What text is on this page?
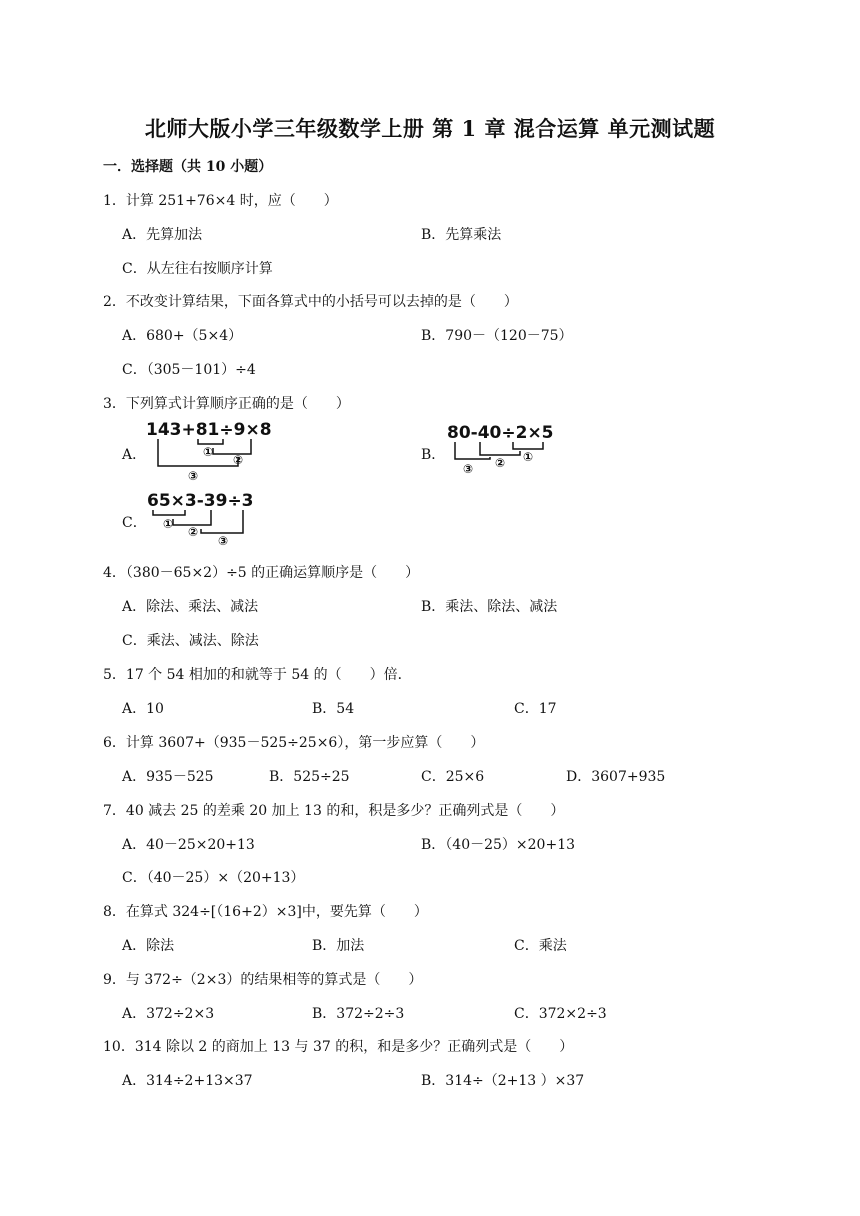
北师大版小学三年级数学上册 第 1 章 混合运算 单元测试题
一．选择题（共 10 小题）
1．计算 251+76×4 时，应（　　）
A．先算加法	B．先算乘法
C．从左往右按顺序计算
2．不改变计算结果，下面各算式中的小括号可以去掉的是（　　）
A．680+（5×4）	B．790－（120－75）
C．（305－101）÷4
3．下列算式计算顺序正确的是（　　）
A．	B．
C．
143+81÷9×8
①
②
③
80-40÷2×5
①
②
③
65×3-39÷3
①
②
③
4．（380－65×2）÷5 的正确运算顺序是（　　）
A．除法、乘法、减法	B．乘法、除法、减法
C．乘法、减法、除法
5．17 个 54 相加的和就等于 54 的（　　）倍．
A．10	B．54	C．17
6．计算 3607+（935－525÷25×6），第一步应算（　　）
A．935－525	B．525÷25	C．25×6	D．3607+935
7．40 减去 25 的差乘 20 加上 13 的和，积是多少？正确列式是（　　）
A．40－25×20+13	B．（40－25）×20+13
C．（40－25）×（20+13）
8．在算式 324÷[（16+2）×3]中，要先算（　　）
A．除法	B．加法	C．乘法
9．与 372÷（2×3）的结果相等的算式是（　　）
A．372÷2×3	B．372÷2÷3	C．372×2÷3
10．314 除以 2 的商加上 13 与 37 的积，和是多少？正确列式是（　　）
A．314÷2+13×37	B．314÷（2+13 ）×37
